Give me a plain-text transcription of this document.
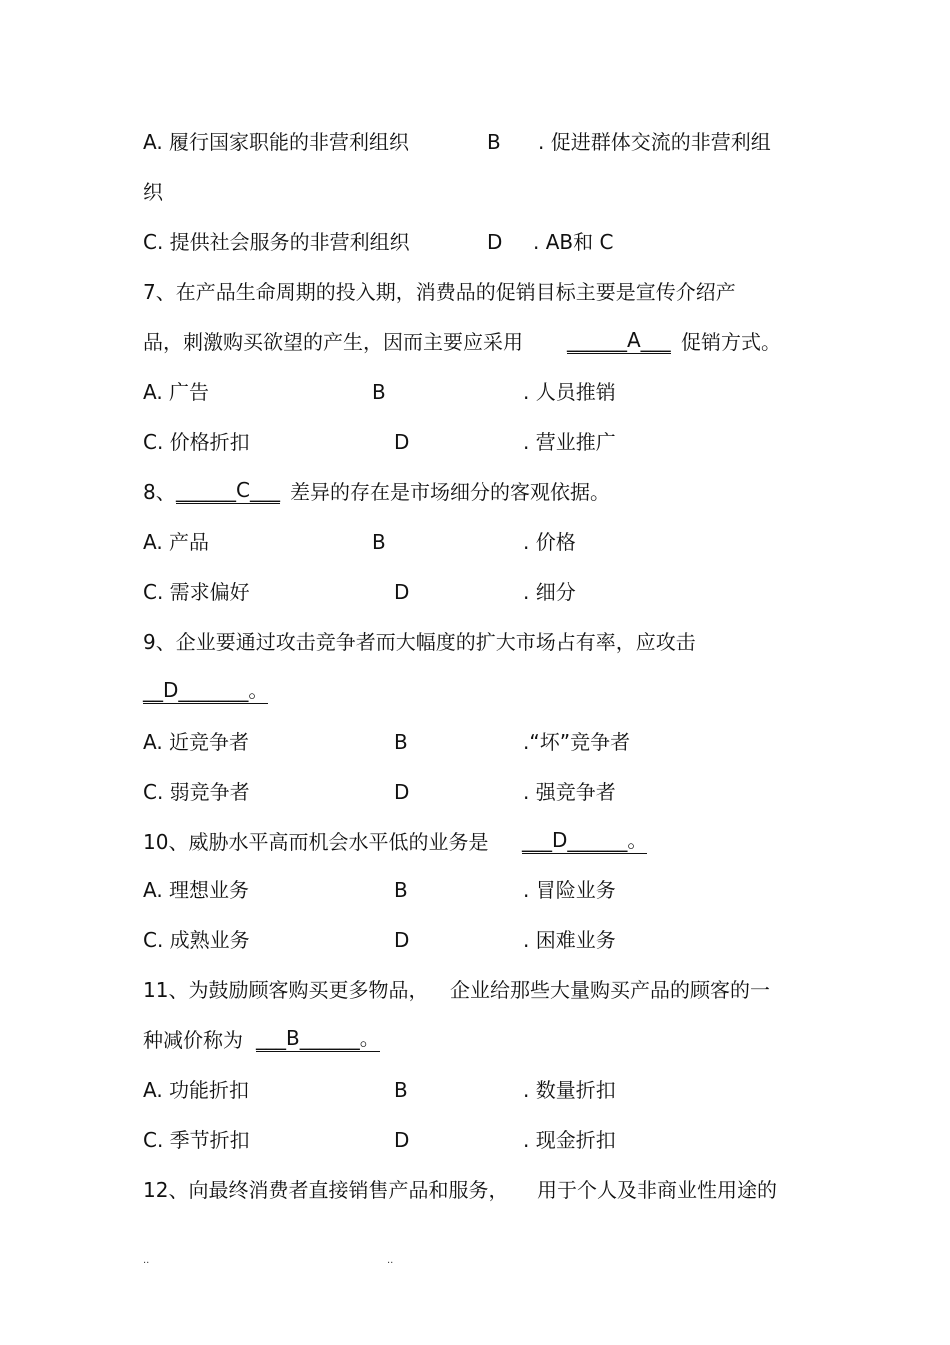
A. 履行国家职能的非营利组织	B . 促进群体交流的非营利组
织
C. 提供社会服务的非营利组织	D . AB和 C
7、在产品生命周期的投入期，消费品的促销目标主要是宣传介绍产
品，刺激购买欲望的产生，因而主要应采用 ______A___ 促销方式。
A. 广告	B	. 人员推销
C. 价格折扣	D	. 营业推广
8、 ______C___ 差异的存在是市场细分的客观依据。
A. 产品	B	. 价格
C. 需求偏好	D	. 细分
9、企业要通过攻击竞争者而大幅度的扩大市场占有率，应攻击
__D_______。
A. 近竞争者	B	.“坏”竞争者
C. 弱竞争者	D	. 强竞争者
10、威胁水平高而机会水平低的业务是 ___D______。
A. 理想业务	B	. 冒险业务
C. 成熟业务	D	. 困难业务
11、为鼓励顾客购买更多物品， 企业给那些大量购买产品的顾客的一
种减价称为 ___B______。
A. 功能折扣	B	. 数量折扣
C. 季节折扣	D	. 现金折扣
12、向最终消费者直接销售产品和服务， 用于个人及非商业性用途的
..	..
